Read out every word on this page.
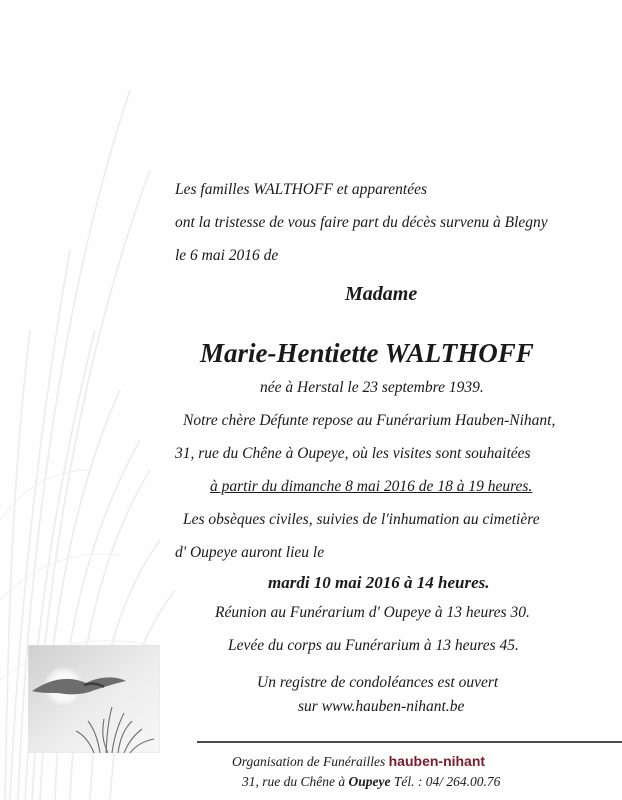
Les familles WALTHOFF et apparentées
ont la tristesse de vous faire part du décès survenu à Blegny
le 6 mai 2016 de
Madame
Marie-Hentiette WALTHOFF
née à Herstal le 23 septembre 1939.
Notre chère Défunte repose au Funérarium Hauben-Nihant,
31, rue du Chêne à Oupeye, où les visites sont souhaitées
à partir du dimanche 8 mai 2016 de 18 à 19 heures.
Les obsèques civiles, suivies de l'inhumation au cimetière
d' Oupeye auront lieu le
mardi 10 mai 2016 à 14 heures.
Réunion au Funérarium d' Oupeye à 13 heures 30.
Levée du corps au Funérarium à 13 heures 45.
Un registre de condoléances est ouvert
sur www.hauben-nihant.be
Organisation de Funérailles hauben-nihant
31, rue du Chêne à Oupeye Tél. : 04/ 264.00.76
